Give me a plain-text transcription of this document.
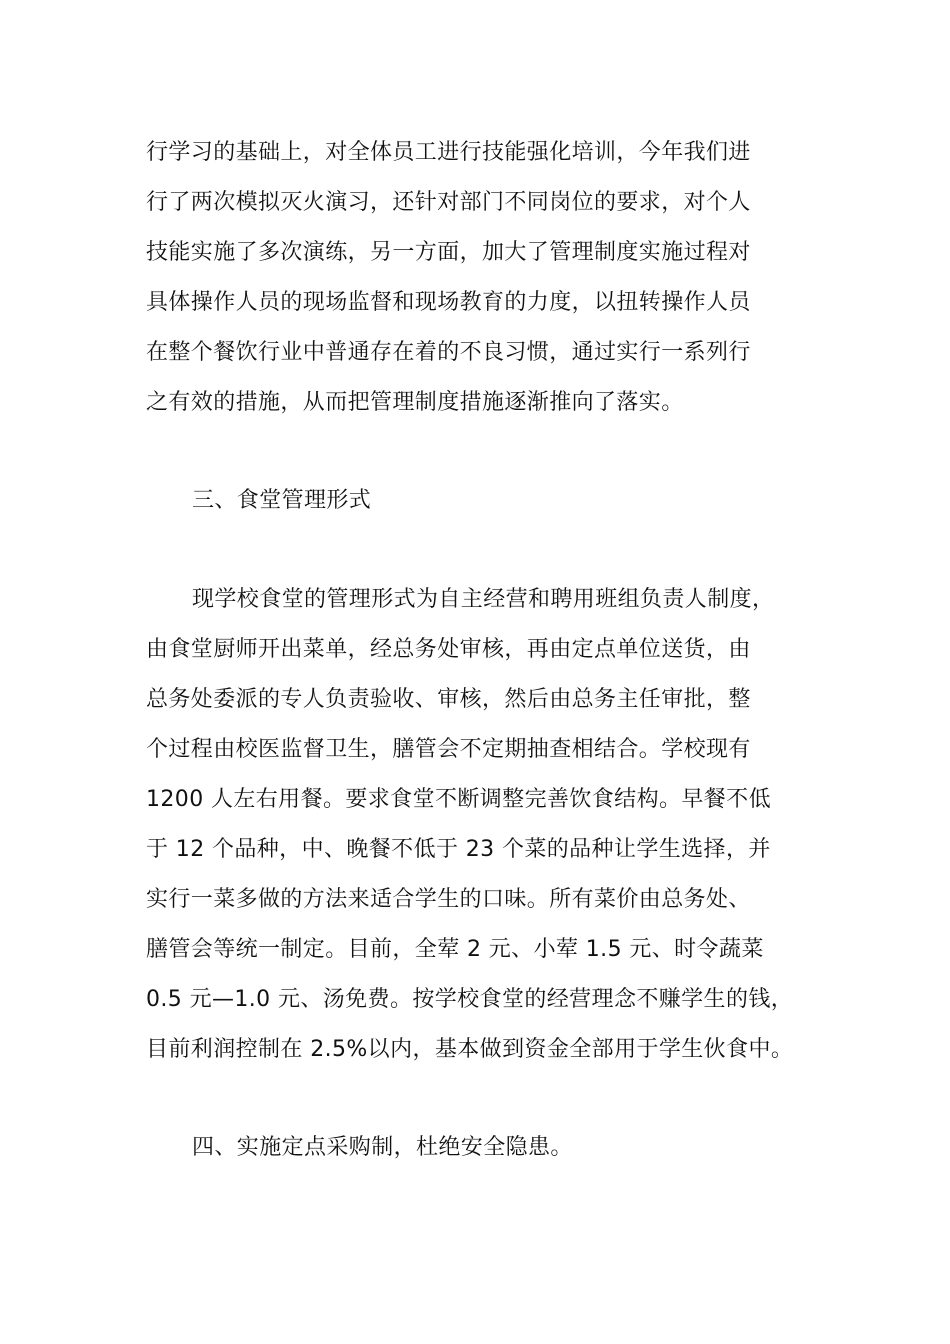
行学习的基础上，对全体员工进行技能强化培训，今年我们进
行了两次模拟灭火演习，还针对部门不同岗位的要求，对个人
技能实施了多次演练，另一方面，加大了管理制度实施过程对
具体操作人员的现场监督和现场教育的力度，以扭转操作人员
在整个餐饮行业中普通存在着的不良习惯，通过实行一系列行
之有效的措施，从而把管理制度措施逐渐推向了落实。
三、食堂管理形式
现学校食堂的管理形式为自主经营和聘用班组负责人制度，
由食堂厨师开出菜单，经总务处审核，再由定点单位送货，由
总务处委派的专人负责验收、审核，然后由总务主任审批，整
个过程由校医监督卫生，膳管会不定期抽查相结合。学校现有
1200 人左右用餐。要求食堂不断调整完善饮食结构。早餐不低
于 12 个品种，中、晚餐不低于 23 个菜的品种让学生选择，并
实行一菜多做的方法来适合学生的口味。所有菜价由总务处、
膳管会等统一制定。目前，全荤 2 元、小荤 1.5 元、时令蔬菜
0.5 元—1.0 元、汤免费。按学校食堂的经营理念不赚学生的钱，
目前利润控制在 2.5%以内，基本做到资金全部用于学生伙食中。
四、实施定点采购制，杜绝安全隐患。
